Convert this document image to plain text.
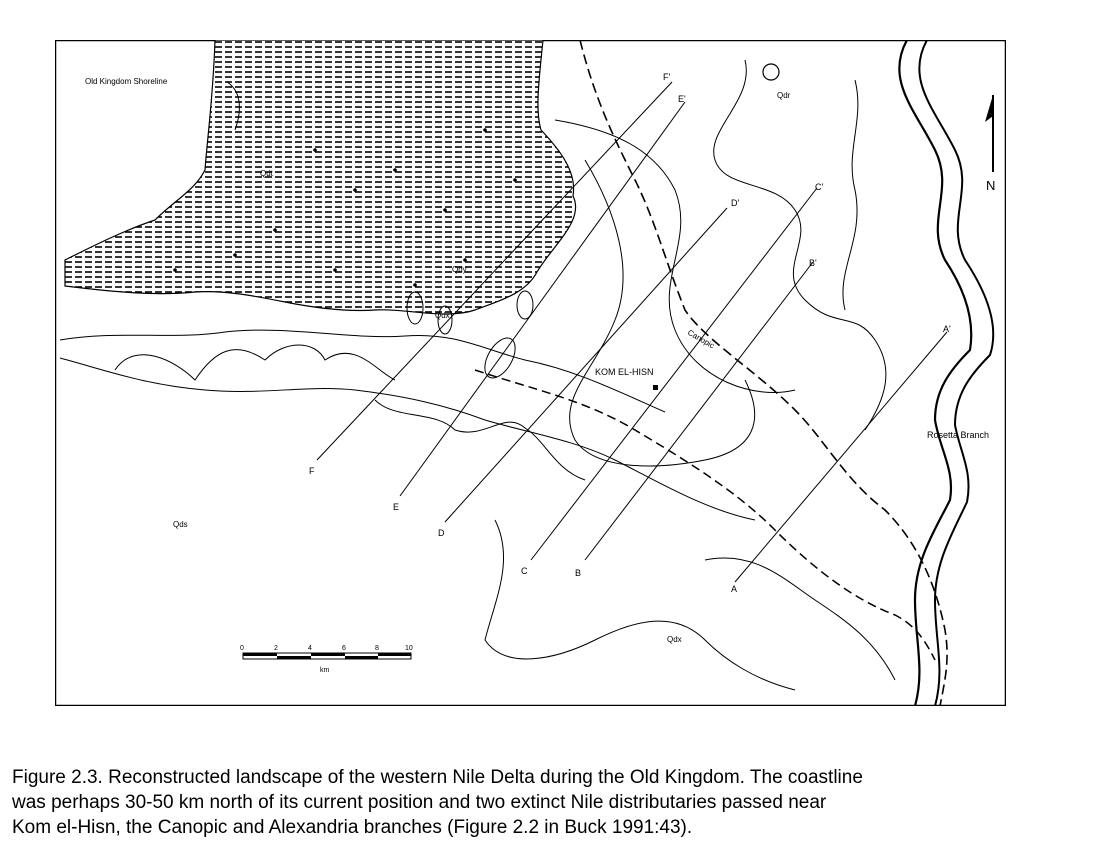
N
F
F'
E
E'
D
D'
C
C'
B
B'
A
A'
Old Kingdom Shoreline
Qdr
Qdt
Qdy
Qdx
Qds
Qdx
Canopic
KOM EL-HISN
Rosetta Branch
0	2	4	6	8	10
km

Figure 2.3. Reconstructed landscape of the western Nile Delta during the Old Kingdom. The coastline
was perhaps 30-50 km north of its current position and two extinct Nile distributaries passed near
Kom el-Hisn, the Canopic and Alexandria branches (Figure 2.2 in Buck 1991:43).
